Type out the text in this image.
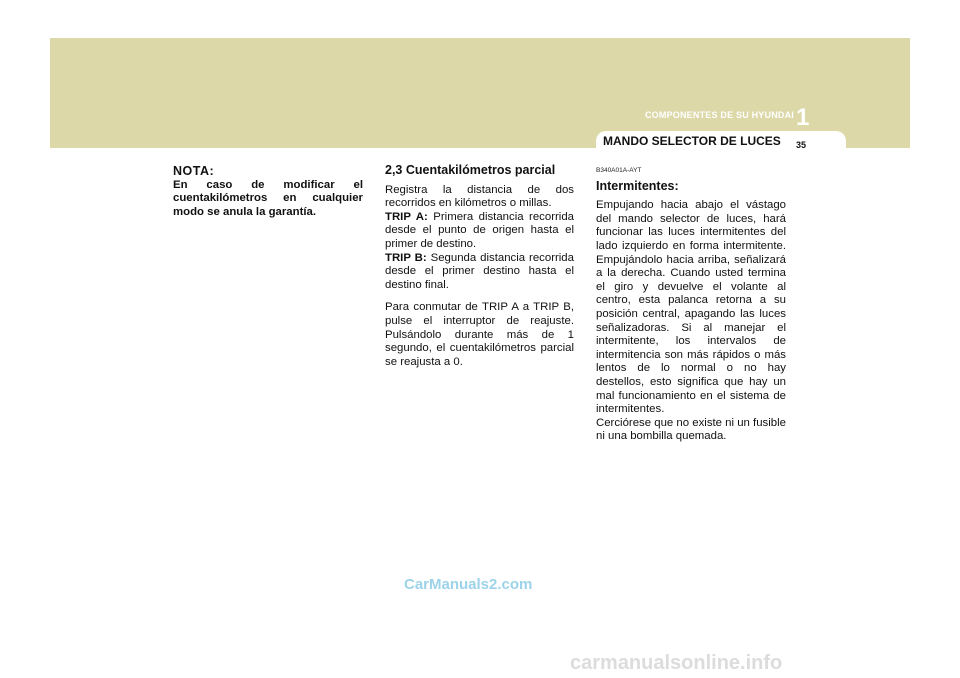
COMPONENTES DE SU HYUNDAI 1
MANDO SELECTOR DE LUCES 35

NOTA:

En caso de modificar el cuentakilómetros en cualquier modo se anula la garantía.

2,3 Cuentakilómetros parcial

Registra la distancia de dos recorridos en kilómetros o millas.

TRIP A: Primera distancia recorrida desde el punto de origen hasta el primer de destino.

TRIP B: Segunda distancia recorrida desde el primer destino hasta el destino final.

Para conmutar de TRIP A a TRIP B, pulse el interruptor de reajuste. Pulsándolo durante más de 1 segundo, el cuentakilómetros parcial se reajusta a 0.

B340A01A-AYT

Intermitentes:

Empujando hacia abajo el vástago del mando selector de luces, hará funcionar las luces intermitentes del lado izquierdo en forma intermitente. Empujándolo hacia arriba, señalizará a la derecha. Cuando usted termina el giro y devuelve el volante al centro, esta palanca retorna a su posición central, apagando las luces señalizadoras. Si al manejar el intermitente, los intervalos de intermitencia son más rápidos o más lentos de lo normal o no hay destellos, esto significa que hay un mal funcionamiento en el sistema de intermitentes.

Cerciórese que no existe ni un fusible ni una bombilla quemada.

CarManuals2.com
carmanualsonline.info
